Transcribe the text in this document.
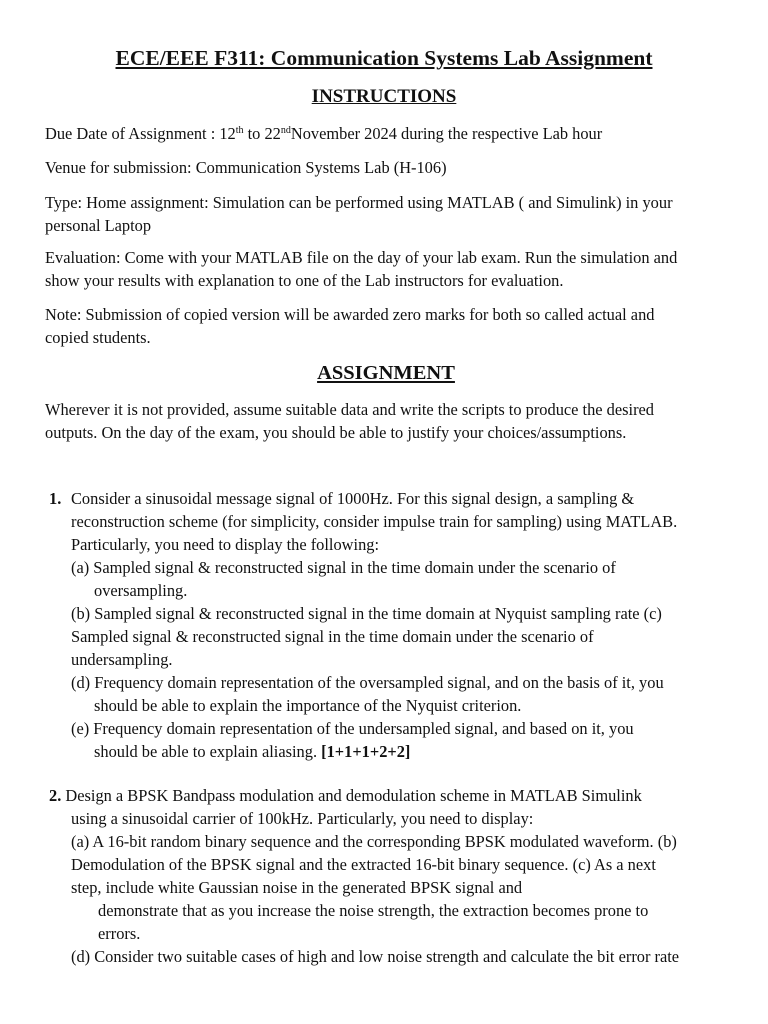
ECE/EEE F311: Communication Systems Lab Assignment
INSTRUCTIONS
Due Date of Assignment : 12th to 22ndNovember 2024 during the respective Lab hour
Venue for submission: Communication Systems Lab (H-106)
Type: Home assignment: Simulation can be performed using MATLAB ( and Simulink) in your
personal Laptop
Evaluation: Come with your MATLAB file on the day of your lab exam. Run the simulation and
show your results with explanation to one of the Lab instructors for evaluation.
Note: Submission of copied version will be awarded zero marks for both so called actual and
copied students.
ASSIGNMENT
Wherever it is not provided, assume suitable data and write the scripts to produce the desired
outputs. On the day of the exam, you should be able to justify your choices/assumptions.
1. Consider a sinusoidal message signal of 1000Hz. For this signal design, a sampling &
reconstruction scheme (for simplicity, consider impulse train for sampling) using MATLAB.
Particularly, you need to display the following:
(a) Sampled signal & reconstructed signal in the time domain under the scenario of
oversampling.
(b) Sampled signal & reconstructed signal in the time domain at Nyquist sampling rate (c)
Sampled signal & reconstructed signal in the time domain under the scenario of
undersampling.
(d) Frequency domain representation of the oversampled signal, and on the basis of it, you
should be able to explain the importance of the Nyquist criterion.
(e) Frequency domain representation of the undersampled signal, and based on it, you
should be able to explain aliasing. [1+1+1+2+2]
2. Design a BPSK Bandpass modulation and demodulation scheme in MATLAB Simulink
using a sinusoidal carrier of 100kHz. Particularly, you need to display:
(a) A 16-bit random binary sequence and the corresponding BPSK modulated waveform. (b)
Demodulation of the BPSK signal and the extracted 16-bit binary sequence. (c) As a next
step, include white Gaussian noise in the generated BPSK signal and
demonstrate that as you increase the noise strength, the extraction becomes prone to
errors.
(d) Consider two suitable cases of high and low noise strength and calculate the bit error rate
